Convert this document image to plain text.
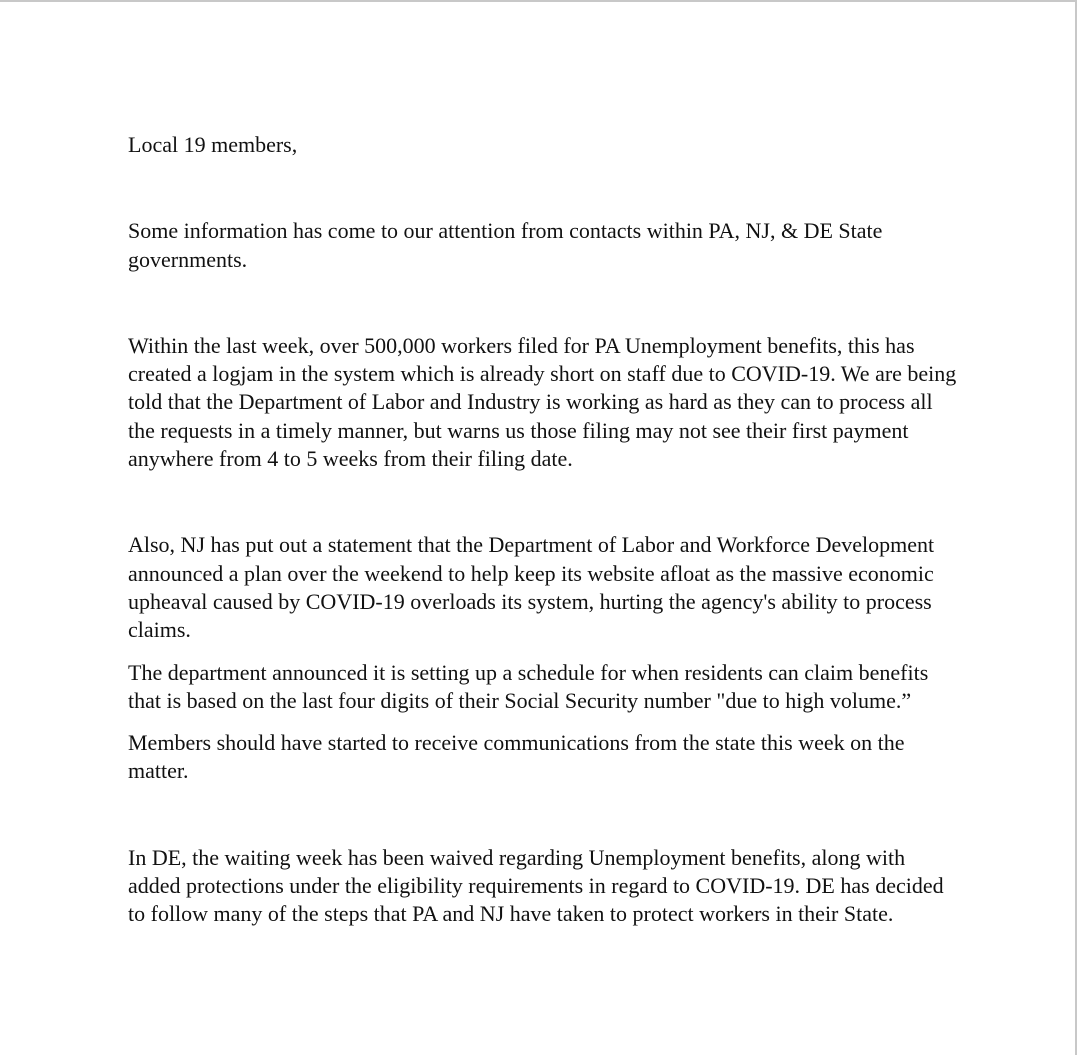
Local 19 members,

Some information has come to our attention from contacts within PA, NJ, & DE State governments.

Within the last week, over 500,000 workers filed for PA Unemployment benefits, this has created a logjam in the system which is already short on staff due to COVID-19. We are being told that the Department of Labor and Industry is working as hard as they can to process all the requests in a timely manner, but warns us those filing may not see their first payment anywhere from 4 to 5 weeks from their filing date.

Also, NJ has put out a statement that the Department of Labor and Workforce Development announced a plan over the weekend to help keep its website afloat as the massive economic upheaval caused by COVID-19 overloads its system, hurting the agency's ability to process claims.

The department announced it is setting up a schedule for when residents can claim benefits that is based on the last four digits of their Social Security number "due to high volume.”

Members should have started to receive communications from the state this week on the matter.

In DE, the waiting week has been waived regarding Unemployment benefits, along with added protections under the eligibility requirements in regard to COVID-19. DE has decided to follow many of the steps that PA and NJ have taken to protect workers in their State.
